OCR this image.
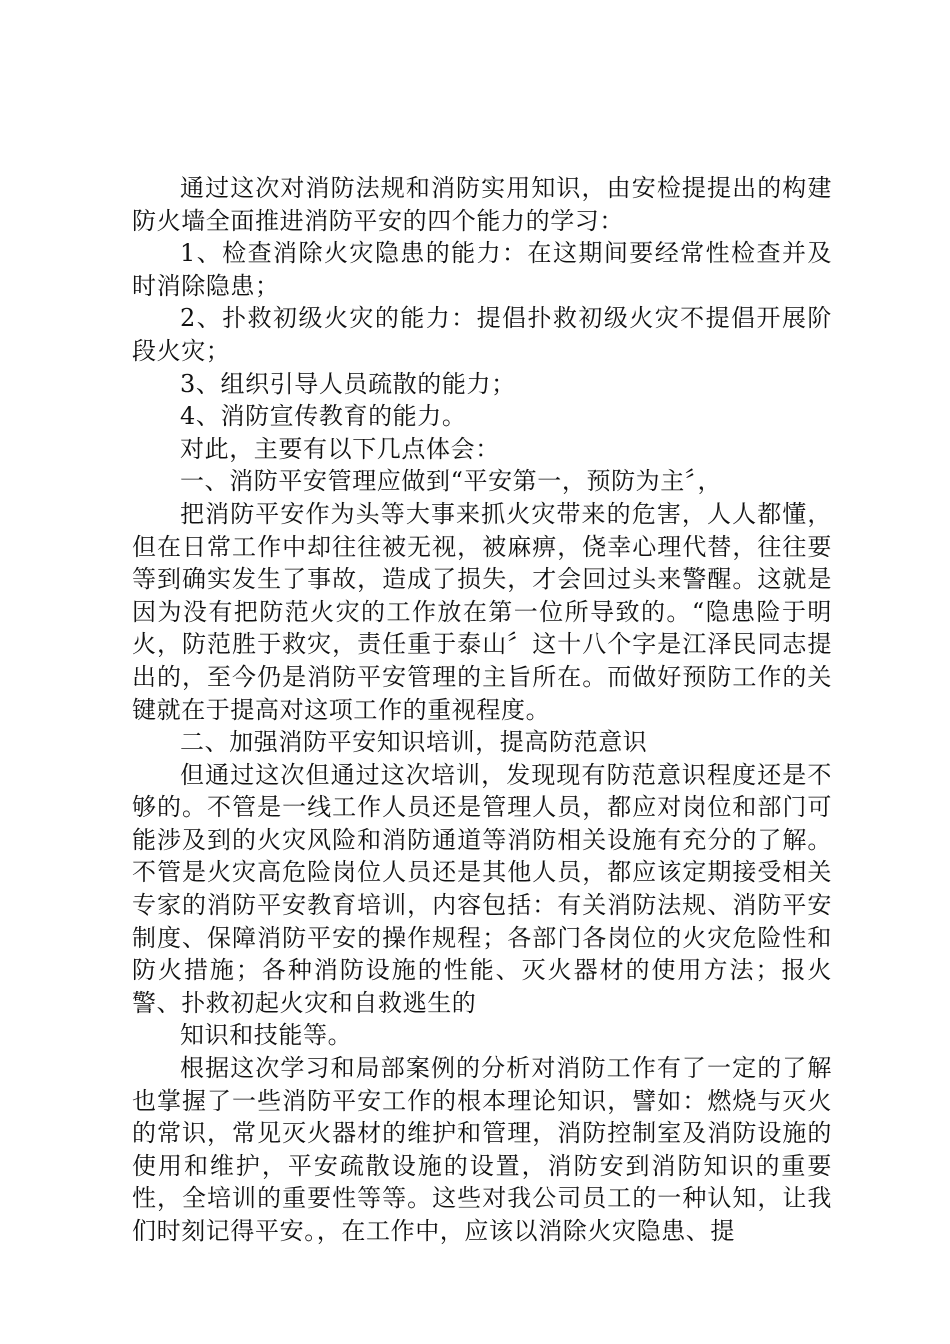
通过这次对消防法规和消防实用知识，由安检提提出的构建防火墙全面推进消防平安的四个能力的学习：

1、检查消除火灾隐患的能力：在这期间要经常性检查并及时消除隐患；

2、扑救初级火灾的能力：提倡扑救初级火灾不提倡开展阶段火灾；

3、组织引导人员疏散的能力；

4、消防宣传教育的能力。

对此，主要有以下几点体会：

一、消防平安管理应做到“平安第一，预防为主〞，

把消防平安作为头等大事来抓火灾带来的危害，人人都懂，但在日常工作中却往往被无视，被麻痹，侥幸心理代替，往往要等到确实发生了事故，造成了损失，才会回过头来警醒。这就是因为没有把防范火灾的工作放在第一位所导致的。“隐患险于明火，防范胜于救灾，责任重于泰山〞这十八个字是江泽民同志提出的，至今仍是消防平安管理的主旨所在。而做好预防工作的关键就在于提高对这项工作的重视程度。

二、加强消防平安知识培训，提高防范意识

但通过这次但通过这次培训，发现现有防范意识程度还是不够的。不管是一线工作人员还是管理人员，都应对岗位和部门可能涉及到的火灾风险和消防通道等消防相关设施有充分的了解。不管是火灾高危险岗位人员还是其他人员，都应该定期接受相关专家的消防平安教育培训，内容包括：有关消防法规、消防平安制度、保障消防平安的操作规程；各部门各岗位的火灾危险性和防火措施；各种消防设施的性能、灭火器材的使用方法；报火警、扑救初起火灾和自救逃生的

知识和技能等。

根据这次学习和局部案例的分析对消防工作有了一定的了解也掌握了一些消防平安工作的根本理论知识，譬如：燃烧与灭火的常识，常见灭火器材的维护和管理，消防控制室及消防设施的使用和维护，平安疏散设施的设置，消防安到消防知识的重要性，全培训的重要性等等。这些对我公司员工的一种认知，让我们时刻记得平安。，在工作中，应该以消除火灾隐患、提
